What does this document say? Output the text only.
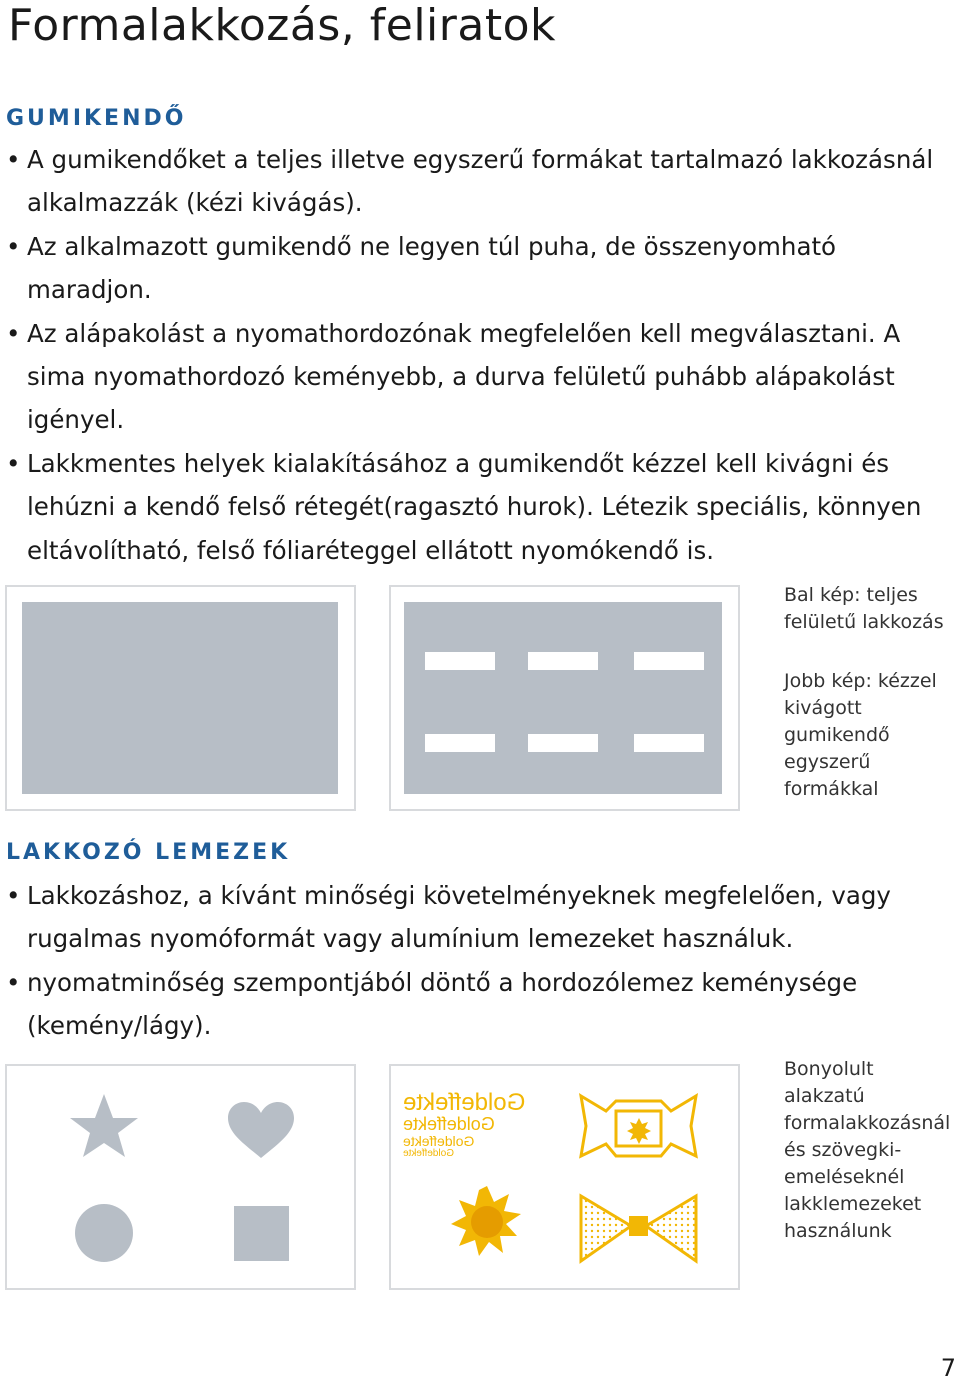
Formalakkozás, feliratok
GUMIKENDŐ
• A gumikendőket a teljes illetve egyszerű formákat tartalmazó lakkozásnál alkalmazzák (kézi kivágás).
• Az alkalmazott gumikendő ne legyen túl puha, de összenyomható maradjon.
• Az alápakolást a nyomathordozónak megfelelően kell megválasztani. A sima nyomathordozó keményebb, a durva felületű puhább alápakolást igényel.
• Lakkmentes helyek kialakításához a gumikendőt kézzel kell kivágni és lehúzni a kendő felső rétegét(ragasztó hurok). Létezik speciális, könnyen eltávolítható, felső fóliaréteggel ellátott nyomókendő is.
Bal kép: teljes felületű lakkozás
Jobb kép: kézzel kivágott gumikendő egyszerű formákkal
LAKKOZÓ LEMEZEK
• Lakkozáshoz, a kívánt minőségi követelményeknek megfelelően, vagy rugalmas nyomóformát vagy alumínium lemezeket használuk.
• nyomatminőség szempontjából döntő a hordozólemez keménysége (kemény/lágy).
Goldeffekte
Goldeffekte
Goldeffekte
Goldeffekte
Bonyolult alakzatú formalakkozásnál és szövegki-emeléseknél lakklemezeket használunk
7
